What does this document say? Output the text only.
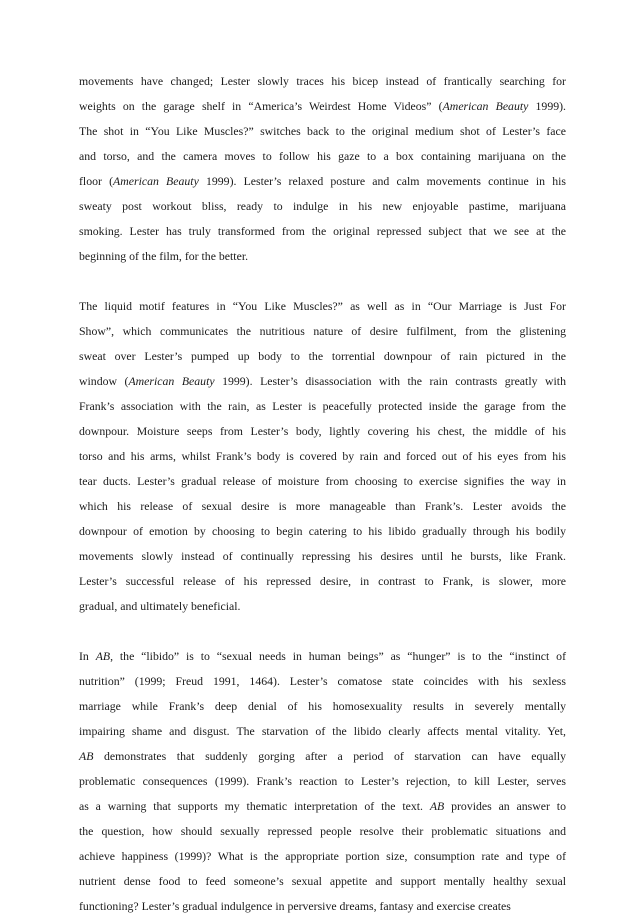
movements have changed; Lester slowly traces his bicep instead of frantically searching for
weights on the garage shelf in “America’s Weirdest Home Videos” (American Beauty 1999).
The shot in “You Like Muscles?” switches back to the original medium shot of Lester’s face
and torso, and the camera moves to follow his gaze to a box containing marijuana on the
floor (American Beauty 1999). Lester’s relaxed posture and calm movements continue in his
sweaty post workout bliss, ready to indulge in his new enjoyable pastime, marijuana
smoking. Lester has truly transformed from the original repressed subject that we see at the
beginning of the film, for the better.

The liquid motif features in “You Like Muscles?” as well as in “Our Marriage is Just For
Show”, which communicates the nutritious nature of desire fulfilment, from the glistening
sweat over Lester’s pumped up body to the torrential downpour of rain pictured in the
window (American Beauty 1999). Lester’s disassociation with the rain contrasts greatly with
Frank’s association with the rain, as Lester is peacefully protected inside the garage from the
downpour. Moisture seeps from Lester’s body, lightly covering his chest, the middle of his
torso and his arms, whilst Frank’s body is covered by rain and forced out of his eyes from his
tear ducts. Lester’s gradual release of moisture from choosing to exercise signifies the way in
which his release of sexual desire is more manageable than Frank’s. Lester avoids the
downpour of emotion by choosing to begin catering to his libido gradually through his bodily
movements slowly instead of continually repressing his desires until he bursts, like Frank.
Lester’s successful release of his repressed desire, in contrast to Frank, is slower, more
gradual, and ultimately beneficial.

In AB, the “libido” is to “sexual needs in human beings” as “hunger” is to the “instinct of
nutrition” (1999; Freud 1991, 1464). Lester’s comatose state coincides with his sexless
marriage while Frank’s deep denial of his homosexuality results in severely mentally
impairing shame and disgust. The starvation of the libido clearly affects mental vitality. Yet,
AB demonstrates that suddenly gorging after a period of starvation can have equally
problematic consequences (1999). Frank’s reaction to Lester’s rejection, to kill Lester, serves
as a warning that supports my thematic interpretation of the text. AB provides an answer to
the question, how should sexually repressed people resolve their problematic situations and
achieve happiness (1999)? What is the appropriate portion size, consumption rate and type of
nutrient dense food to feed someone’s sexual appetite and support mentally healthy sexual
functioning? Lester’s gradual indulgence in perversive dreams, fantasy and exercise creates
